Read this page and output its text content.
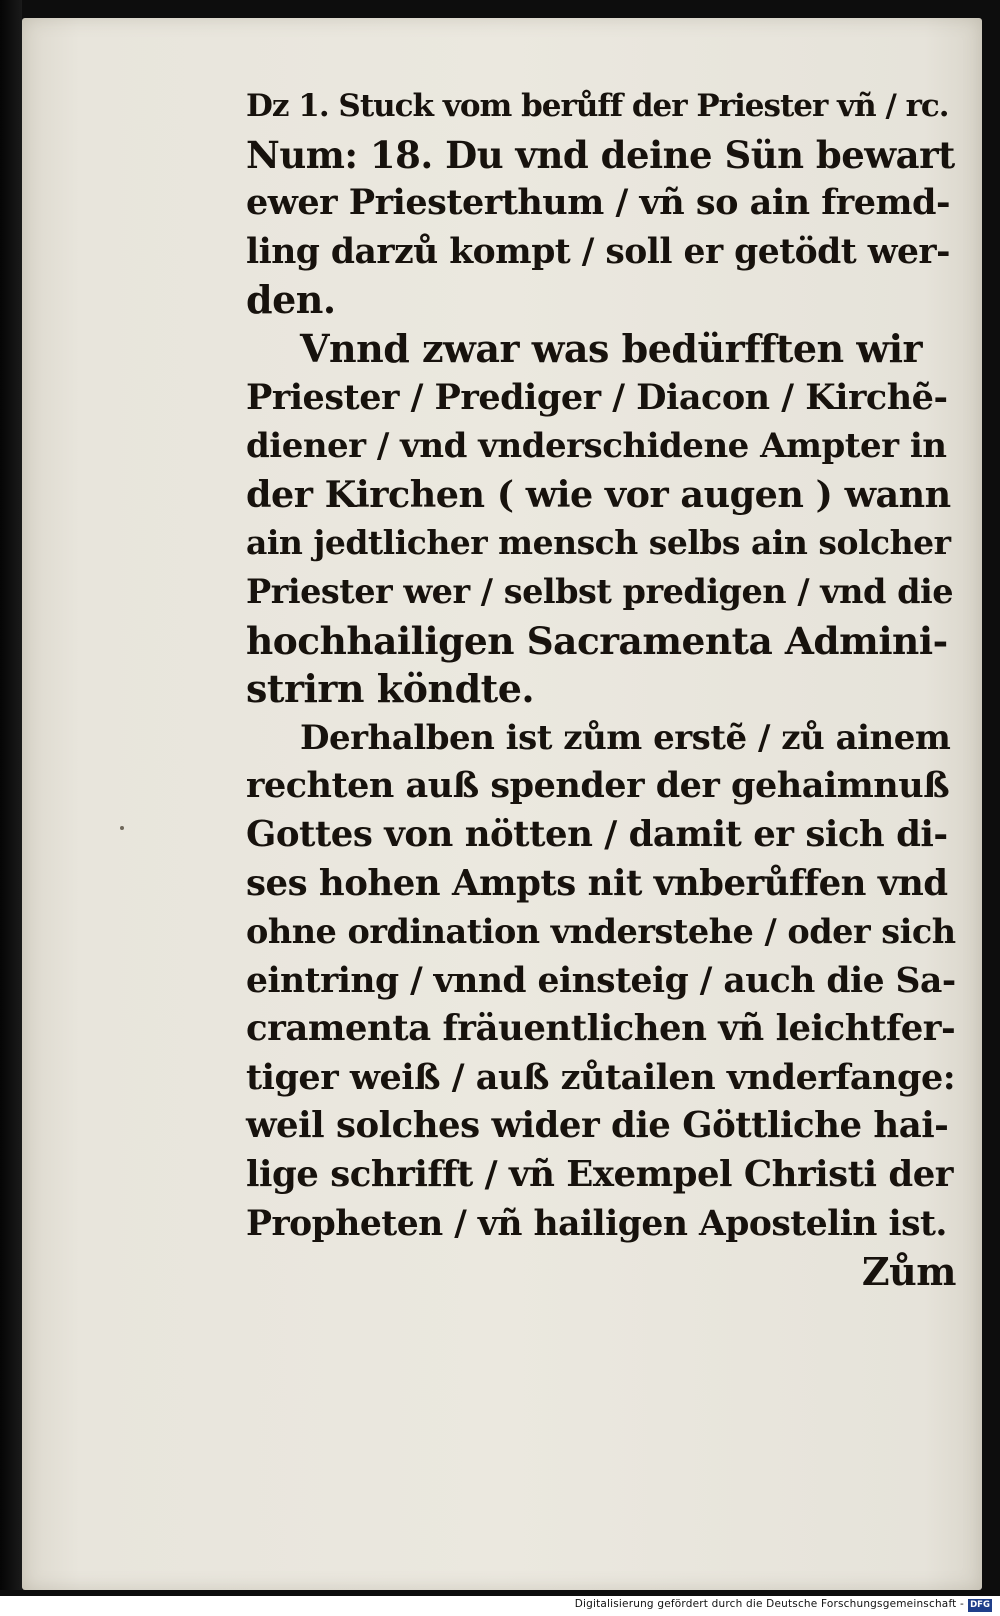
Dz 1. Stuck vom berůff der Priester vñ / rc.
Num: 18. Du vnd deine Sün bewart
ewer Priesterthum / vñ so ain fremd-
ling darzů kompt / soll er getödt wer-
den.
Vnnd zwar was bedürfften wir
Priester / Prediger / Diacon / Kirchẽ-
diener / vnd vnderschidene Ampter in
der Kirchen ( wie vor augen ) wann
ain jedtlicher mensch selbs ain solcher
Priester wer / selbst predigen / vnd die
hochhailigen Sacramenta Admini-
strirn köndte.
Derhalben ist zům erstẽ / zů ainem
rechten auß spender der gehaimnuß
Gottes von nötten / damit er sich di-
ses hohen Ampts nit vnberůffen vnd
ohne ordination vnderstehe / oder sich
eintring / vnnd einsteig / auch die Sa-
cramenta fräuentlichen vñ leichtfer-
tiger weiß / auß zůtailen vnderfange:
weil solches wider die Göttliche hai-
lige schrifft / vñ Exempel Christi der
Propheten / vñ hailigen Apostelin ist.
Zům
Digitalisierung gefördert durch die Deutsche Forschungsgemeinschaft - DFG
